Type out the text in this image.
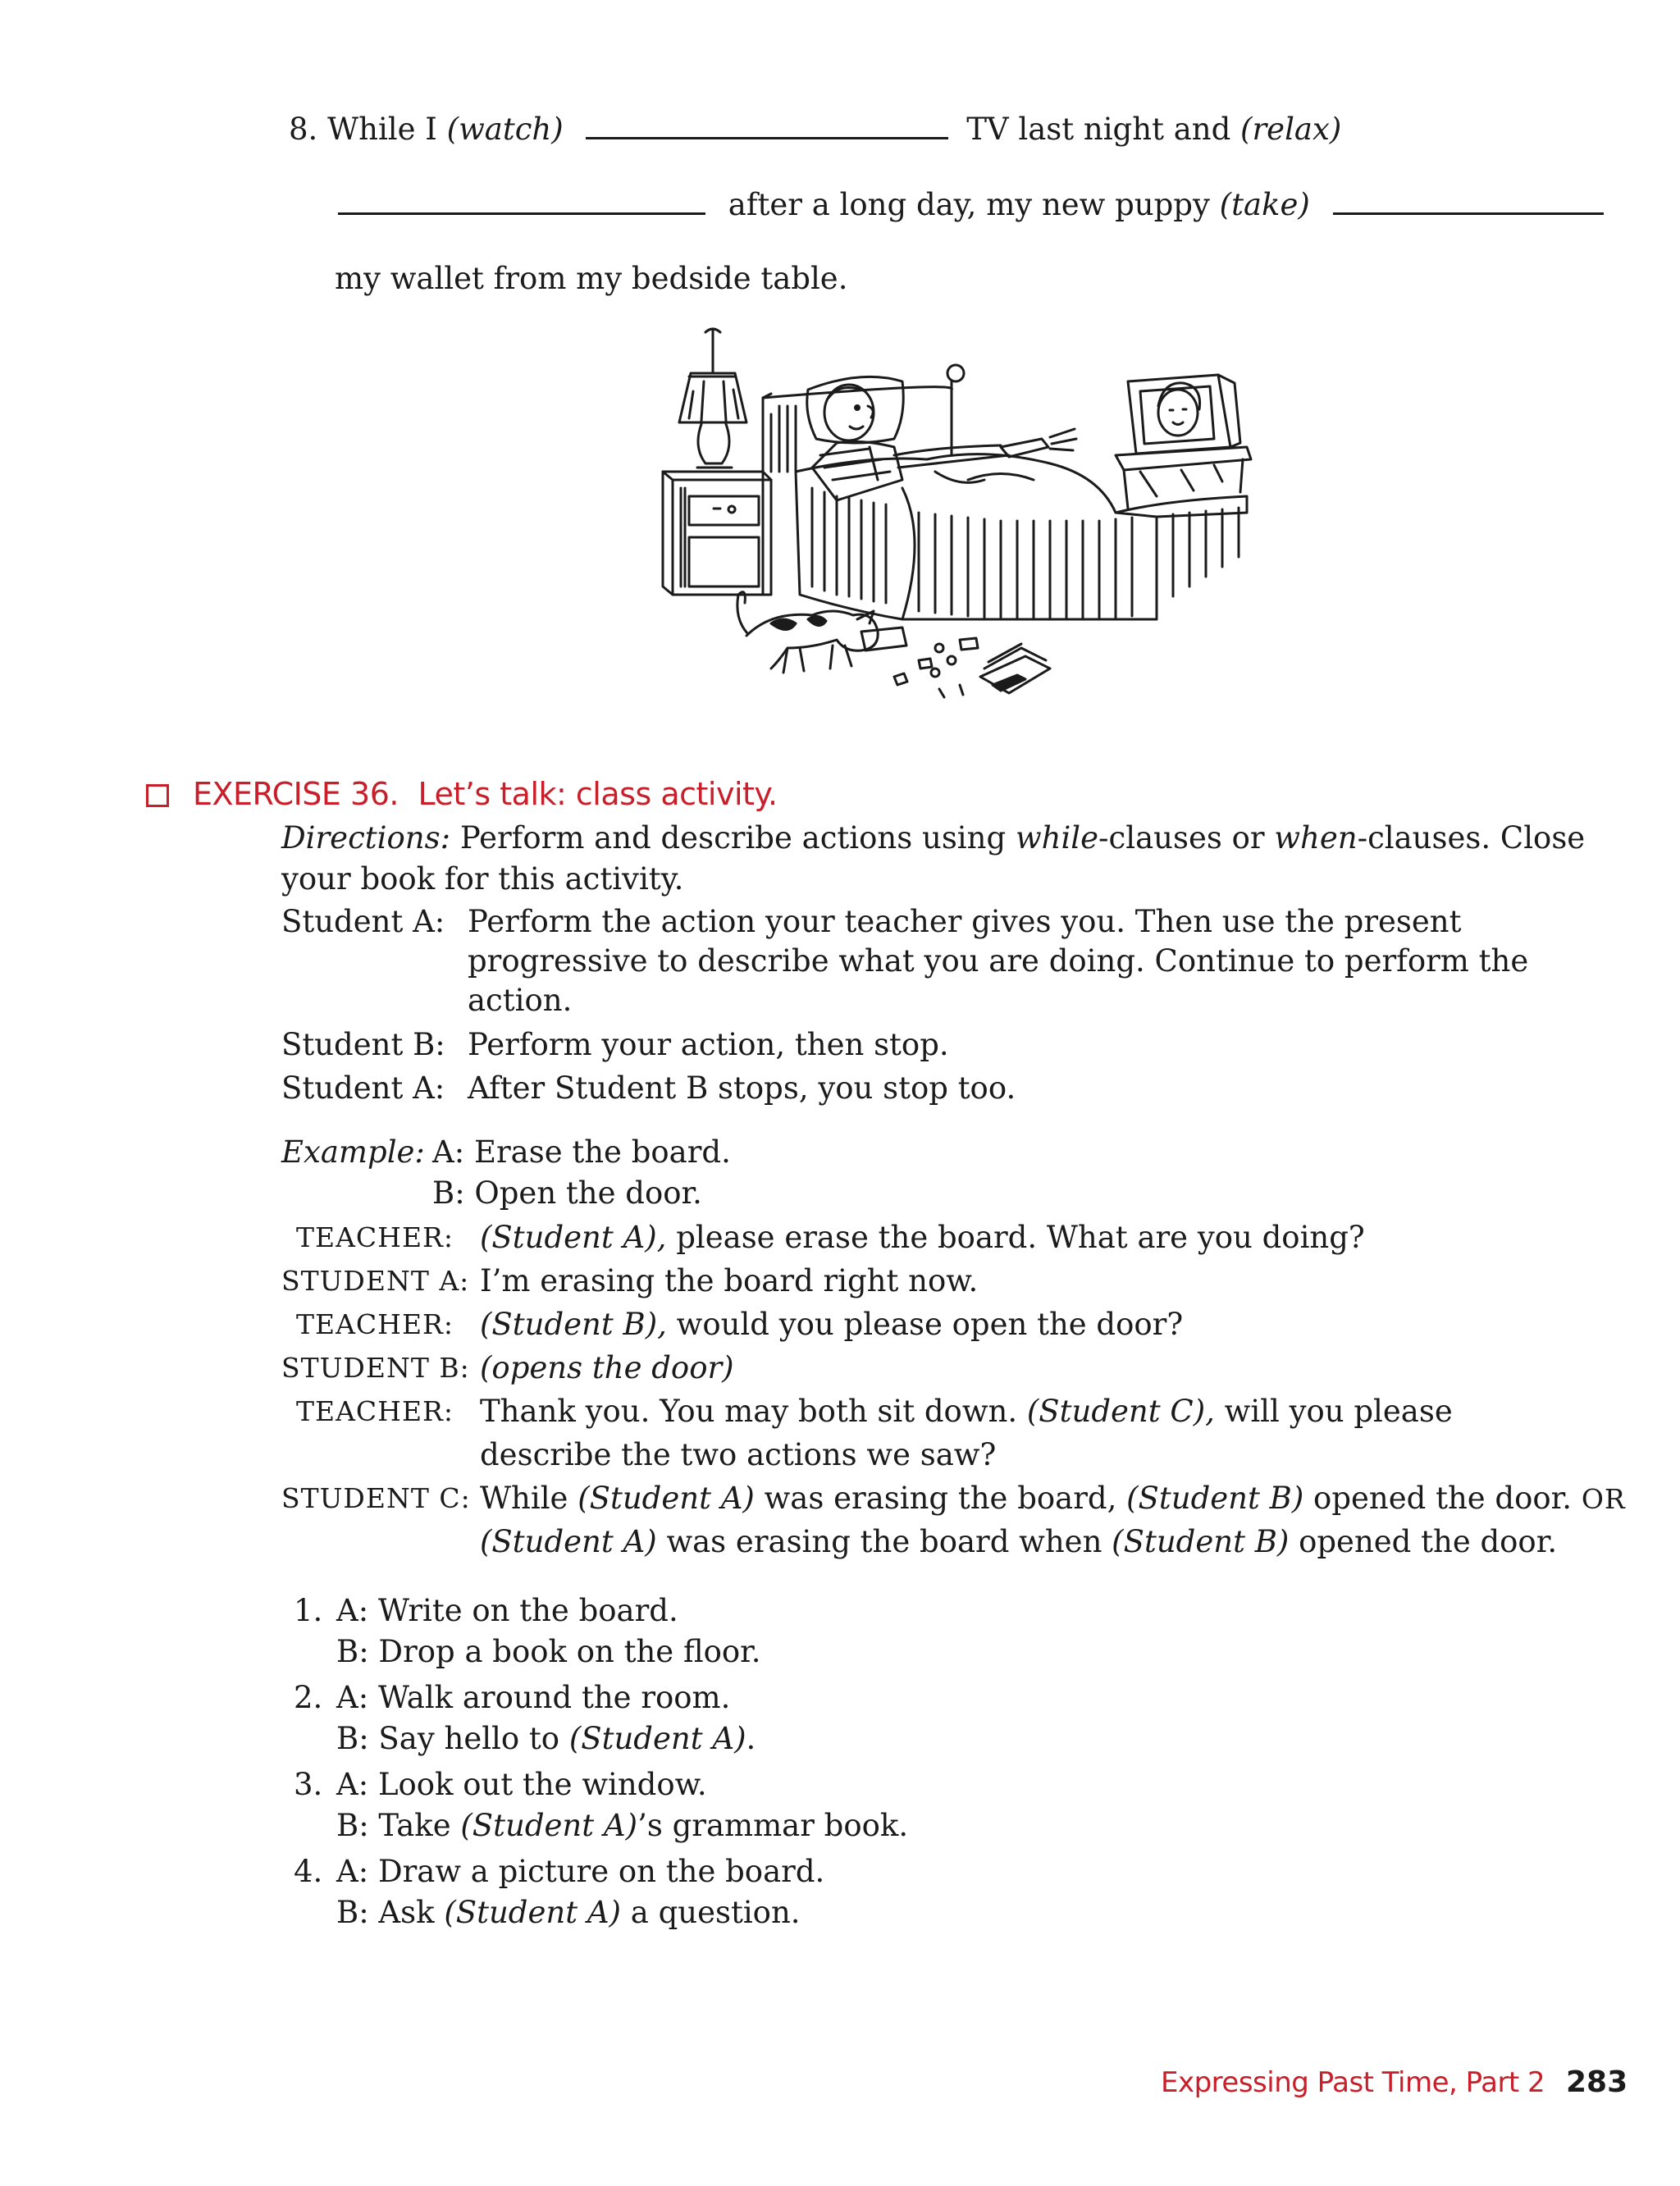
8. While I (watch)	TV last night and (relax)
after a long day, my new puppy (take)
my wallet from my bedside table.
EXERCISE 36. Let’s talk: class activity.
Directions: Perform and describe actions using while-clauses or when-clauses. Close
your book for this activity.
Student A: Perform the action your teacher gives you. Then use the present
progressive to describe what you are doing. Continue to perform the
action.
Student B: Perform your action, then stop.
Student A: After Student B stops, you stop too.
Example: A: Erase the board.
B: Open the door.
TEACHER: (Student A), please erase the board. What are you doing?
STUDENT A: I’m erasing the board right now.
TEACHER: (Student B), would you please open the door?
STUDENT B: (opens the door)
TEACHER: Thank you. You may both sit down. (Student C), will you please
describe the two actions we saw?
STUDENT C: While (Student A) was erasing the board, (Student B) opened the door. OR
(Student A) was erasing the board when (Student B) opened the door.
1. A: Write on the board.
B: Drop a book on the floor.
2. A: Walk around the room.
B: Say hello to (Student A).
3. A: Look out the window.
B: Take (Student A)’s grammar book.
4. A: Draw a picture on the board.
B: Ask (Student A) a question.
Expressing Past Time, Part 2 283
